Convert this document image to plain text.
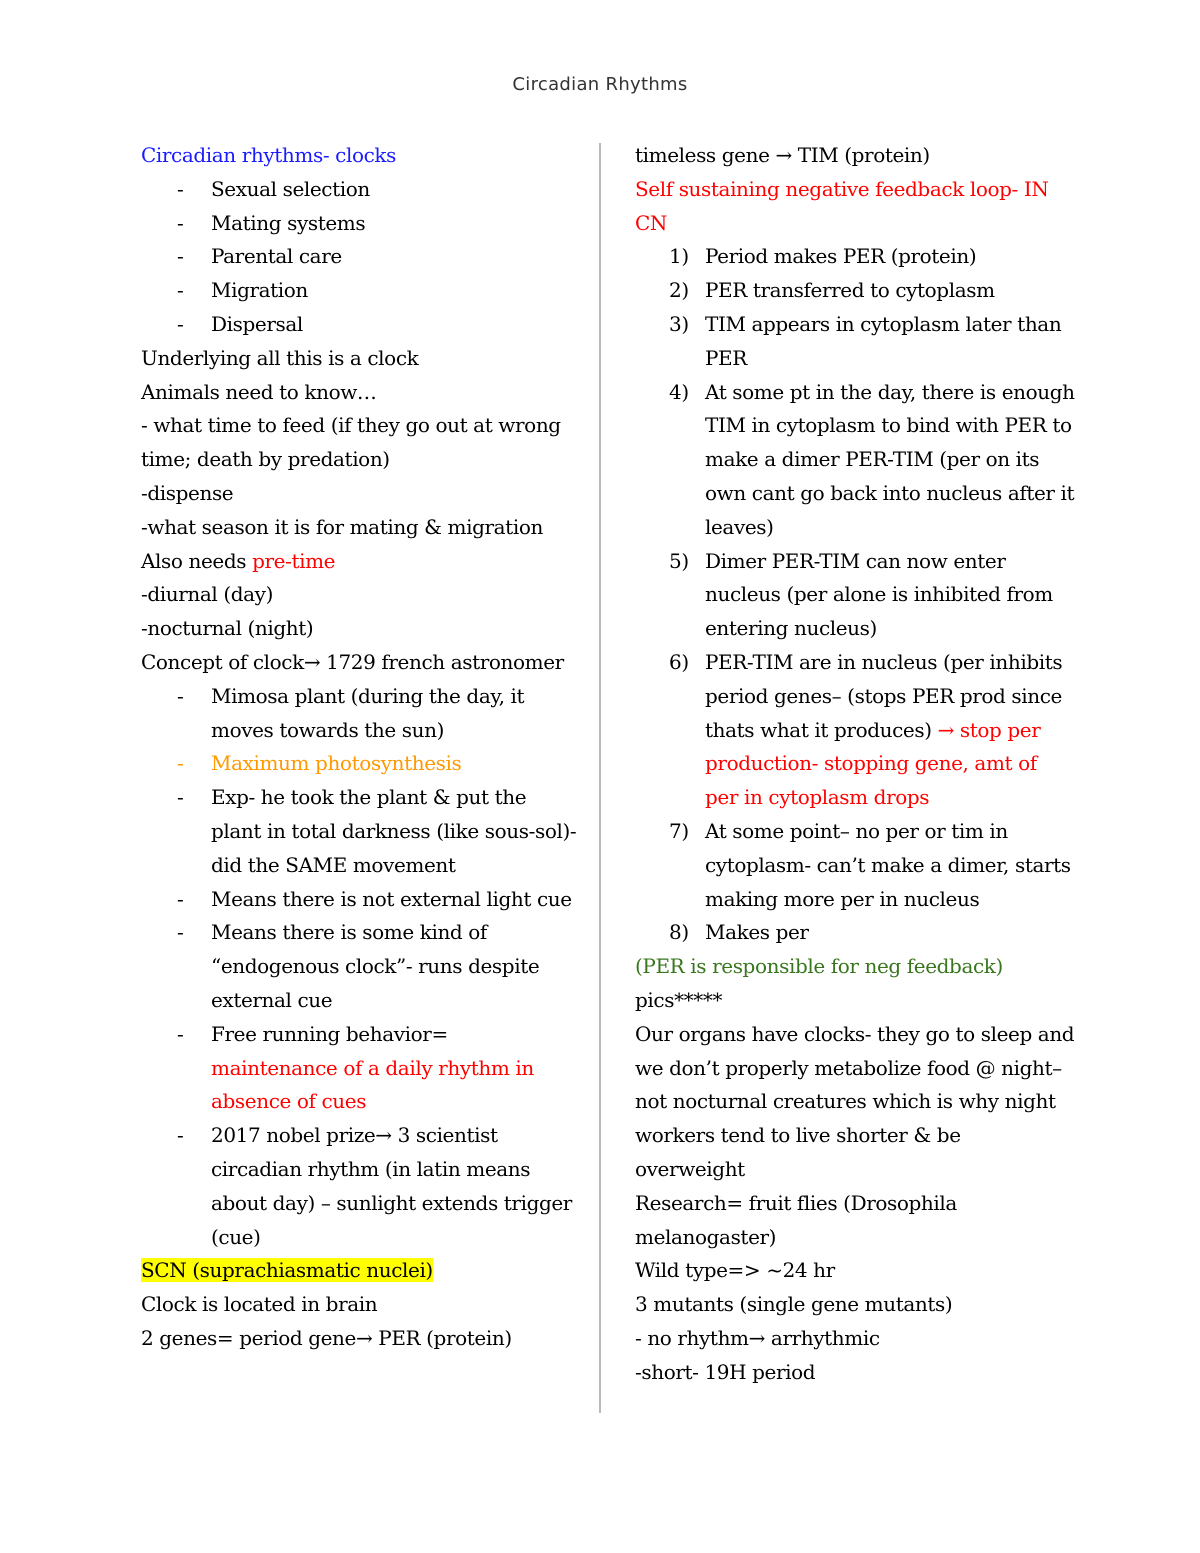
Circadian Rhythms
Circadian rhythms- clocks
- Sexual selection
- Mating systems
- Parental care
- Migration
- Dispersal
Underlying all this is a clock
Animals need to know…
- what time to feed (if they go out at wrong
time; death by predation)
-dispense
-what season it is for mating & migration
Also needs pre-time
-diurnal (day)
-nocturnal (night)
Concept of clock→ 1729 french astronomer
- Mimosa plant (during the day, it moves towards the sun)
- Maximum photosynthesis
- Exp- he took the plant & put the plant in total darkness (like sous-sol)- did the SAME movement
- Means there is not external light cue
- Means there is some kind of “endogenous clock”- runs despite external cue
- Free running behavior=
maintenance of a daily rhythm in absence of cues
- 2017 nobel prize→ 3 scientist circadian rhythm (in latin means about day) – sunlight extends trigger (cue)
SCN (suprachiasmatic nuclei)
Clock is located in brain
2 genes= period gene→ PER (protein)
timeless gene → TIM (protein)
Self sustaining negative feedback loop- IN CN
1) Period makes PER (protein)
2) PER transferred to cytoplasm
3) TIM appears in cytoplasm later than PER
4) At some pt in the day, there is enough TIM in cytoplasm to bind with PER to make a dimer PER-TIM (per on its own cant go back into nucleus after it leaves)
5) Dimer PER-TIM can now enter nucleus (per alone is inhibited from entering nucleus)
6) PER-TIM are in nucleus (per inhibits period genes– (stops PER prod since thats what it produces) → stop per production- stopping gene, amt of per in cytoplasm drops
7) At some point– no per or tim in cytoplasm- can’t make a dimer, starts making more per in nucleus
8) Makes per
(PER is responsible for neg feedback)
pics*****
Our organs have clocks- they go to sleep and we don’t properly metabolize food @ night– not nocturnal creatures which is why night workers tend to live shorter & be overweight
Research= fruit flies (Drosophila melanogaster)
Wild type=> ~24 hr
3 mutants (single gene mutants)
- no rhythm→ arrhythmic
-short- 19H period
